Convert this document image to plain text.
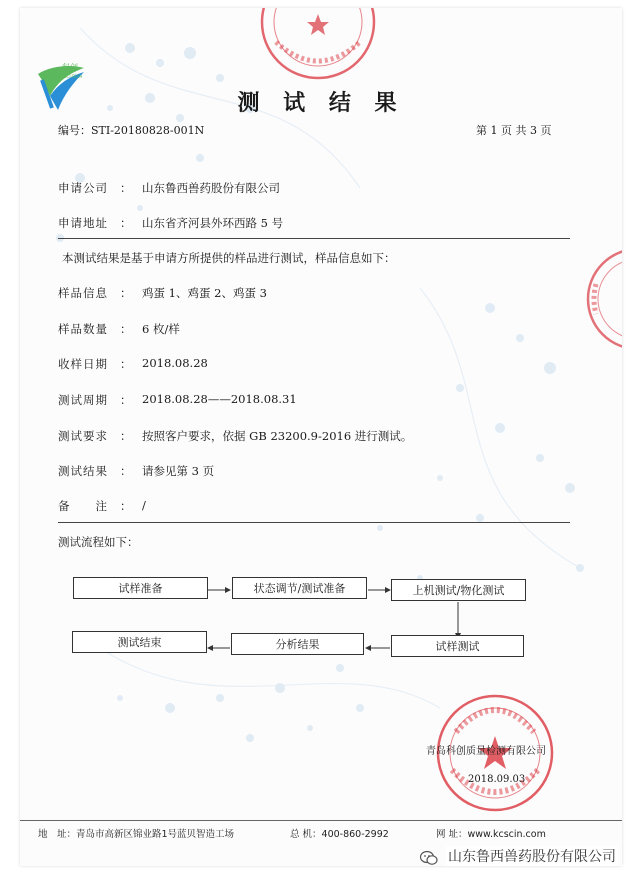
科创
SCI-TECH
测 试 结 果
编号：STI-20180828-001N	第 1 页 共 3 页
申请公司 ： 山东鲁西兽药股份有限公司
申请地址 ： 山东省齐河县外环西路 5 号
本测试结果是基于申请方所提供的样品进行测试，样品信息如下：
样品信息 ： 鸡蛋 1、鸡蛋 2、鸡蛋 3
样品数量 ： 6 枚/样
收样日期 ： 2018.08.28
测试周期 ： 2018.08.28——2018.08.31
测试要求 ： 按照客户要求，依据 GB 23200.9-2016 进行测试。
测试结果 ： 请参见第 3 页
备　　注 ： /
测试流程如下：
试样准备	状态调节/测试准备	上机测试/物化测试
试样测试
分析结果
测试结束
青岛科创质量检测有限公司
2018.09.03
地　址：青岛市高新区锦业路1号蓝贝智造工场	总 机：400-860-2992	网 址：www.kcscin.com
山东鲁西兽药股份有限公司
